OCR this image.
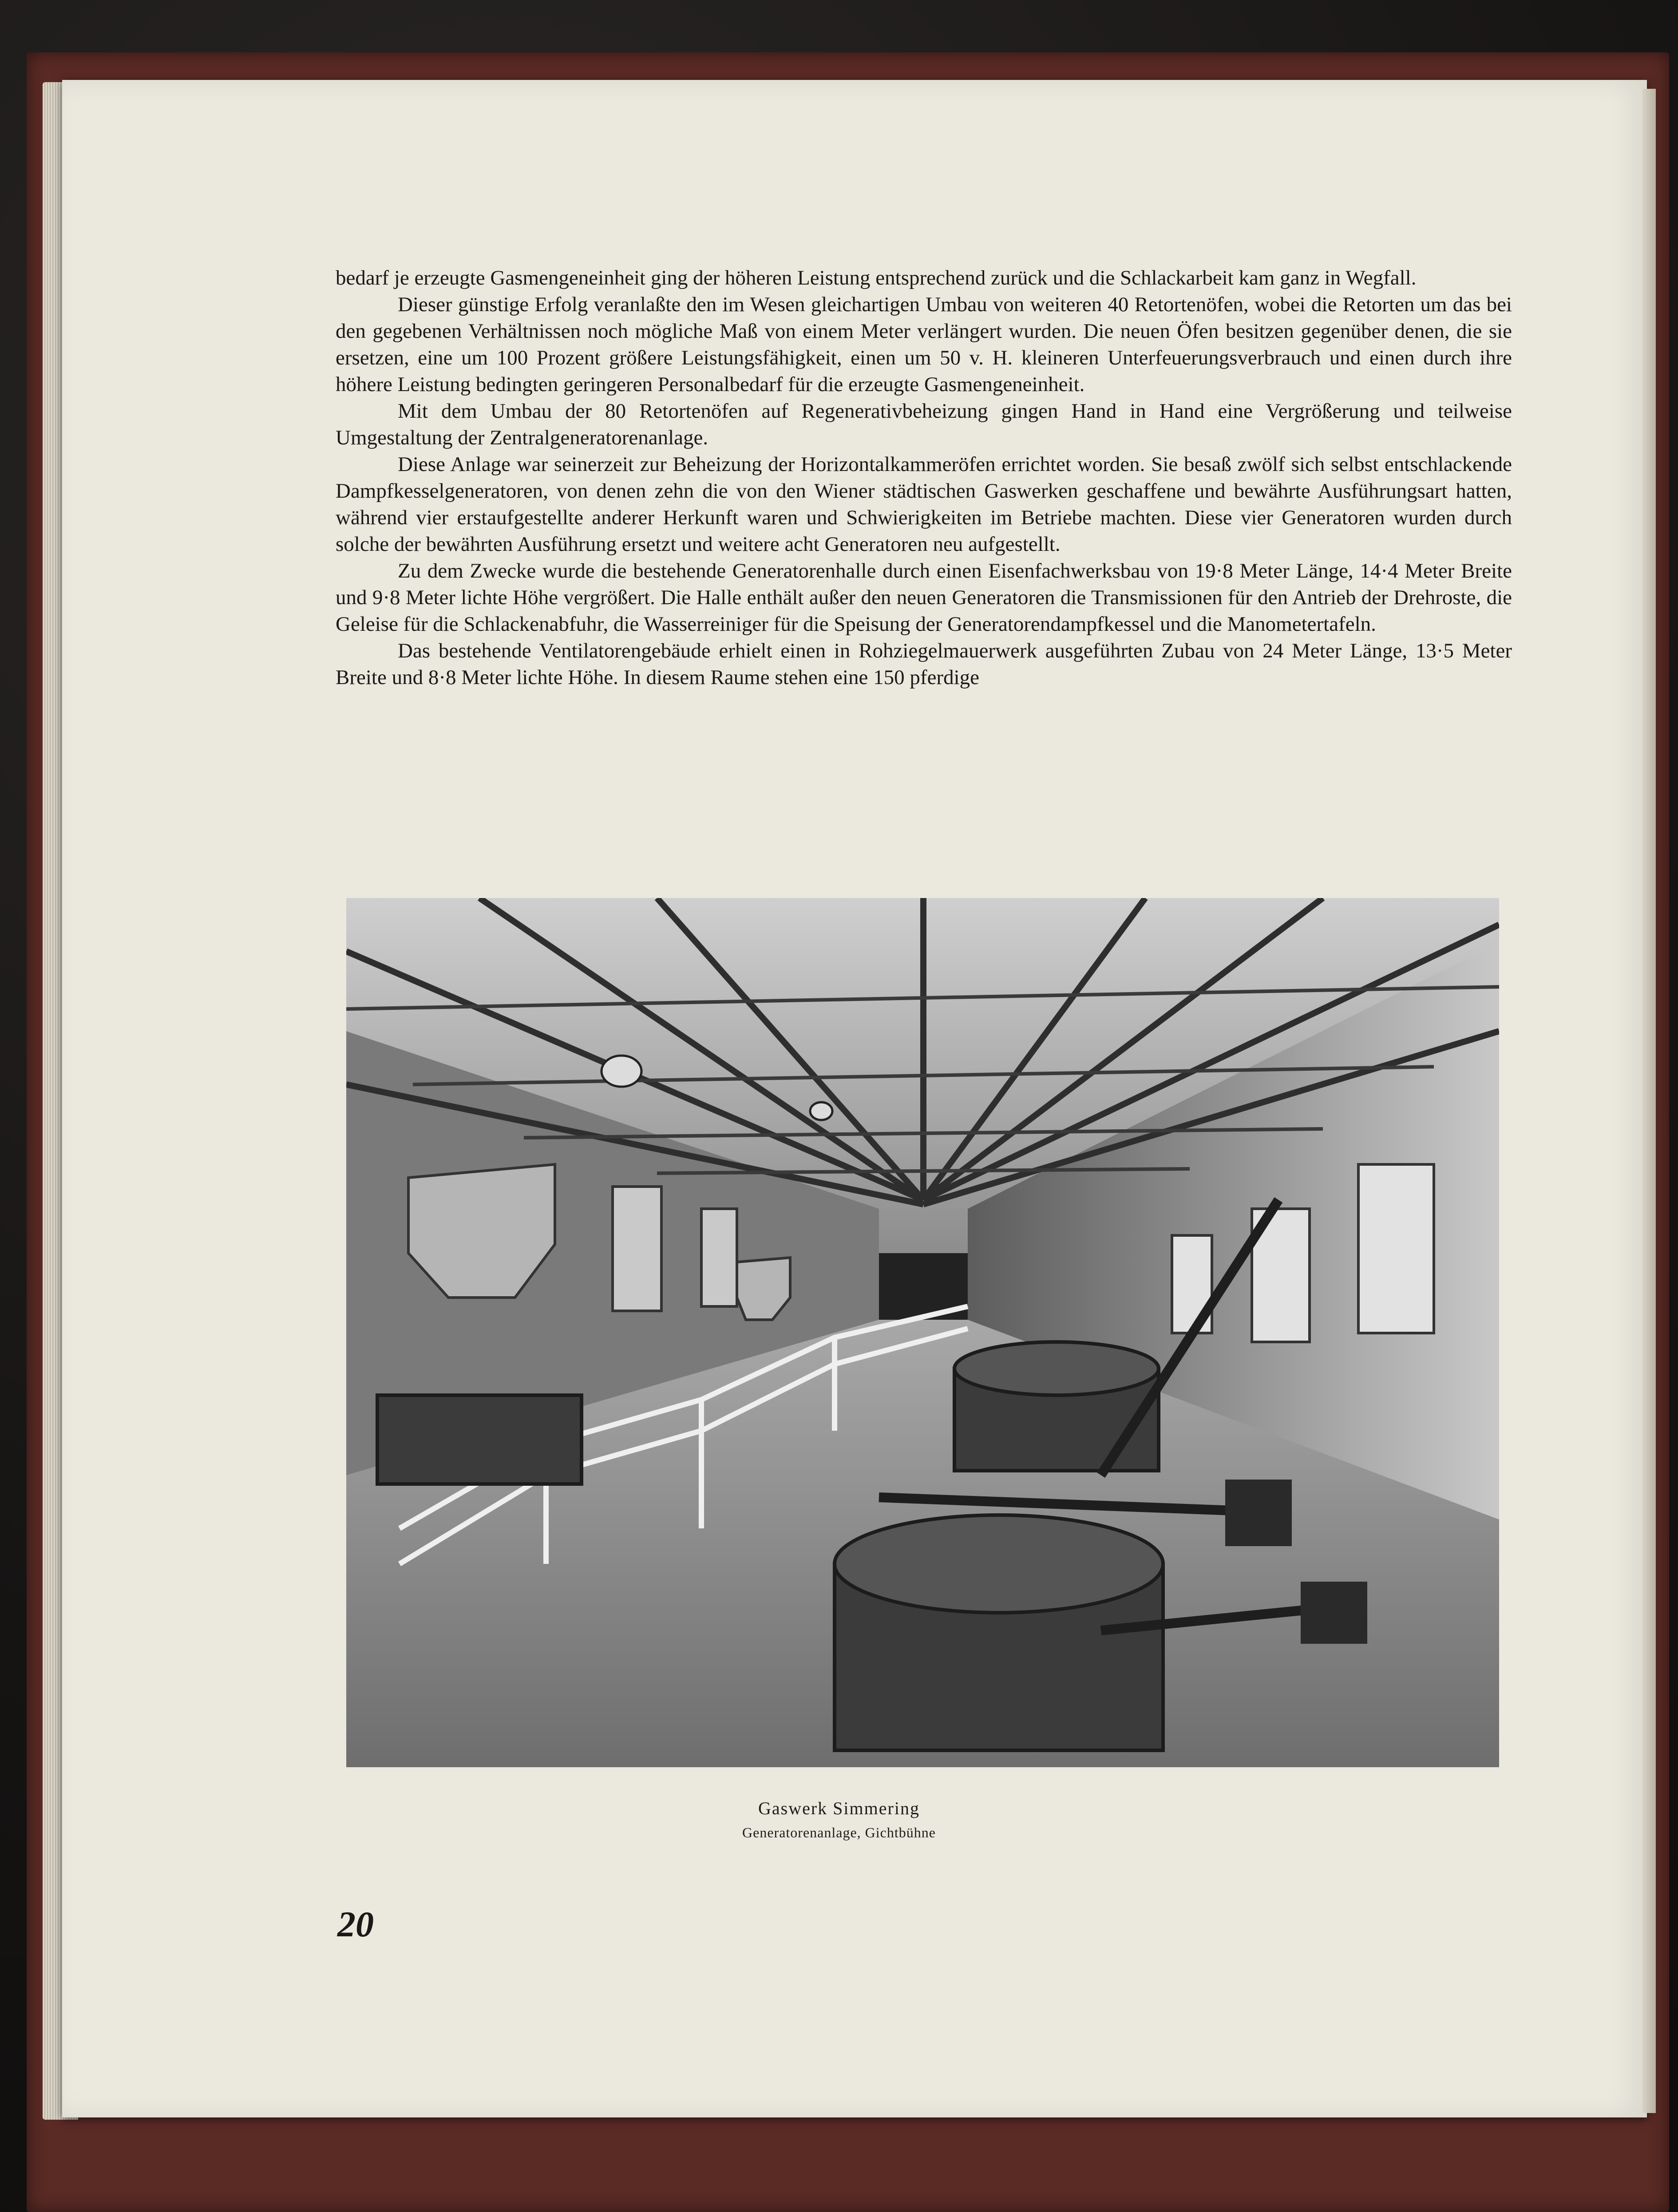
bedarf je erzeugte Gasmengeneinheit ging der höheren Leistung entsprechend zurück und die Schlackarbeit kam ganz in Wegfall.

Dieser günstige Erfolg veranlaßte den im Wesen gleichartigen Umbau von weiteren 40 Retortenöfen, wobei die Retorten um das bei den gegebenen Verhältnissen noch mögliche Maß von einem Meter verlängert wurden. Die neuen Öfen besitzen gegenüber denen, die sie ersetzen, eine um 100 Prozent größere Leistungsfähigkeit, einen um 50 v. H. kleineren Unterfeuerungsverbrauch und einen durch ihre höhere Leistung bedingten geringeren Personalbedarf für die erzeugte Gasmengeneinheit.

Mit dem Umbau der 80 Retortenöfen auf Regenerativbeheizung gingen Hand in Hand eine Vergrößerung und teilweise Umgestaltung der Zentralgeneratorenanlage.

Diese Anlage war seinerzeit zur Beheizung der Horizontalkammeröfen errichtet worden. Sie besaß zwölf sich selbst entschlackende Dampfkesselgeneratoren, von denen zehn die von den Wiener städtischen Gaswerken geschaffene und bewährte Ausführungsart hatten, während vier erstaufgestellte anderer Herkunft waren und Schwierigkeiten im Betriebe machten. Diese vier Generatoren wurden durch solche der bewährten Ausführung ersetzt und weitere acht Generatoren neu aufgestellt.

Zu dem Zwecke wurde die bestehende Generatorenhalle durch einen Eisenfachwerksbau von 19·8 Meter Länge, 14·4 Meter Breite und 9·8 Meter lichte Höhe vergrößert. Die Halle enthält außer den neuen Generatoren die Transmissionen für den Antrieb der Drehroste, die Geleise für die Schlackenabfuhr, die Wasserreiniger für die Speisung der Generatorendampfkessel und die Manometertafeln.

Das bestehende Ventilatorengebäude erhielt einen in Rohziegelmauerwerk ausgeführten Zubau von 24 Meter Länge, 13·5 Meter Breite und 8·8 Meter lichte Höhe. In diesem Raume stehen eine 150 pferdige

Gaswerk Simmering
Generatorenanlage, Gichtbühne
20
